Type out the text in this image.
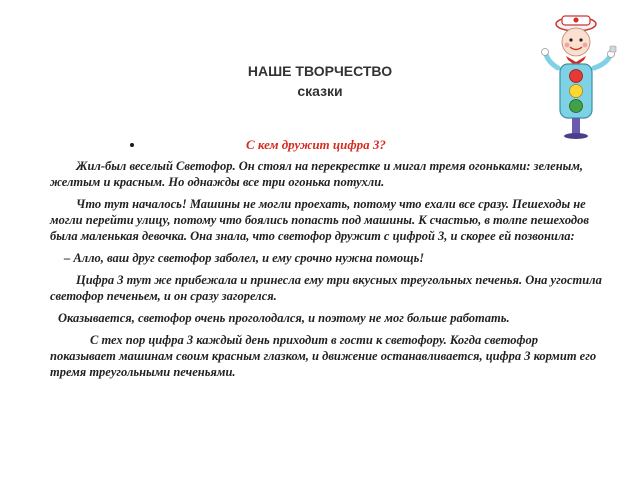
НАШЕ ТВОРЧЕСТВО
сказки
С кем дружит цифра 3?

Жил-был веселый Светофор. Он стоял на перекрестке и мигал тремя огоньками: зеленым, желтым и красным. Но однажды все три огонька потухли.

Что тут началось! Машины не могли проехать, потому что ехали все сразу. Пешеходы не могли перейти улицу, потому что боялись попасть под машины. К счастью, в толпе пешеходов была маленькая девочка. Она знала, что светофор дружит с цифрой 3, и скорее ей позвонила:

– Алло, ваш друг светофор заболел, и ему срочно нужна помощь!

Цифра 3 тут же прибежала и принесла ему три вкусных треугольных печенья. Она угостила светофор печеньем, и он сразу загорелся.

Оказывается, светофор очень проголодался, и поэтому не мог больше работать.

С тех пор цифра 3 каждый день приходит в гости к светофору. Когда светофор показывает машинам своим красным глазком, и движение останавливается, цифра 3 кормит его тремя треугольными печеньями.
